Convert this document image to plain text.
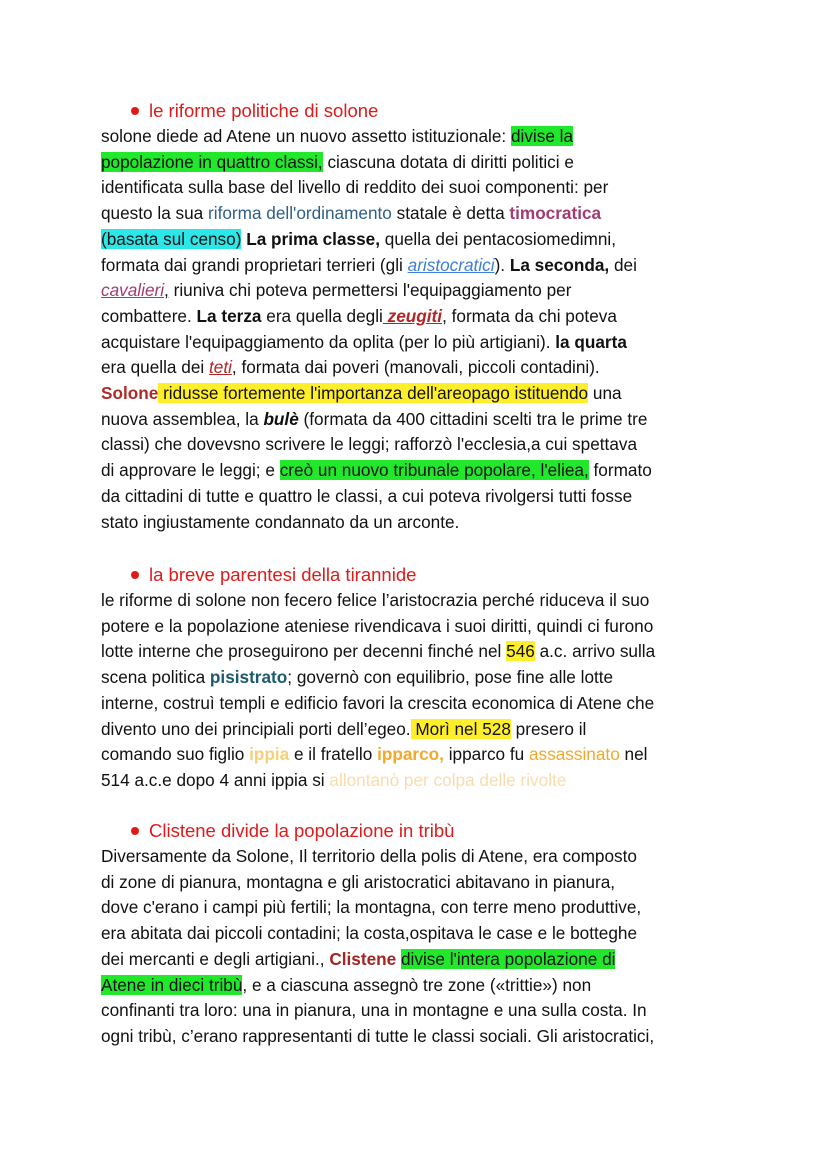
le riforme politiche di solone
solone diede ad Atene un nuovo assetto istituzionale: divise la
popolazione in quattro classi, ciascuna dotata di diritti politici e
identificata sulla base del livello di reddito dei suoi componenti: per
questo la sua riforma dell'ordinamento statale è detta timocratica
(basata sul censo) La prima classe, quella dei pentacosiomedimni,
formata dai grandi proprietari terrieri (gli aristocratici). La seconda, dei
cavalieri, riuniva chi poteva permettersi l'equipaggiamento per
combattere. La terza era quella degli zeugiti, formata da chi poteva
acquistare l'equipaggiamento da oplita (per lo più artigiani). la quarta
era quella dei teti, formata dai poveri (manovali, piccoli contadini).
Solone ridusse fortemente l'importanza dell'areopago istituendo una
nuova assemblea, la bulè (formata da 400 cittadini scelti tra le prime tre
classi) che dovevsno scrivere le leggi; rafforzò l'ecclesia,a cui spettava
di approvare le leggi; e creò un nuovo tribunale popolare, l'eliea, formato
da cittadini di tutte e quattro le classi, a cui poteva rivolgersi tutti fosse
stato ingiustamente condannato da un arconte.
la breve parentesi della tirannide
le riforme di solone non fecero felice l’aristocrazia perché riduceva il suo
potere e la popolazione ateniese rivendicava i suoi diritti, quindi ci furono
lotte interne che proseguirono per decenni finché nel 546 a.c. arrivo sulla
scena politica pisistrato; governò con equilibrio, pose fine alle lotte
interne, costruì templi e edificio favori la crescita economica di Atene che
divento uno dei principiali porti dell’egeo. Morì nel 528 presero il
comando suo figlio ippia e il fratello ipparco, ipparco fu assassinato nel
514 a.c.e dopo 4 anni ippia si allontanò per colpa delle rivolte
Clistene divide la popolazione in tribù
Diversamente da Solone, Il territorio della polis di Atene, era composto
di zone di pianura, montagna e gli aristocratici abitavano in pianura,
dove c'erano i campi più fertili; la montagna, con terre meno produttive,
era abitata dai piccoli contadini; la costa,ospitava le case e le botteghe
dei mercanti e degli artigiani., Clistene divise l'intera popolazione di
Atene in dieci tribù, e a ciascuna assegnò tre zone («trittie») non
confinanti tra loro: una in pianura, una in montagne e una sulla costa. In
ogni tribù, c’erano rappresentanti di tutte le classi sociali. Gli aristocratici,
